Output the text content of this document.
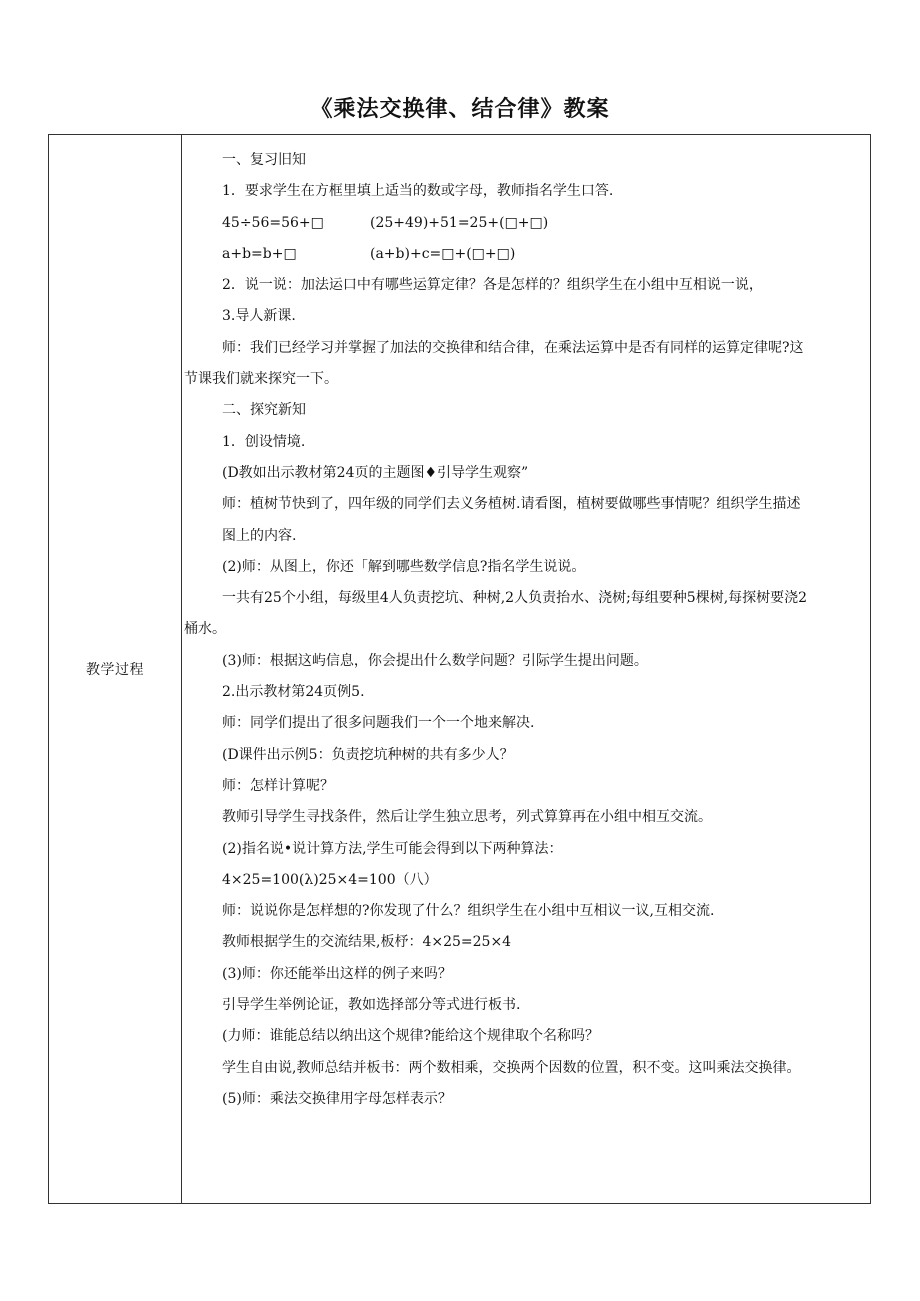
《乘法交换律、结合律》教案
教学过程
一、复习旧知
1．要求学生在方框里填上适当的数或字母，教师指名学生口答.
45÷56=56+□	(25+49)+51=25+(□+□)
a+b=b+□	(a+b)+c=□+(□+□)
2．说一说：加法运口中有哪些运算定律？各是怎样的？组织学生在小组中互相说一说，
3.导人新课.
师：我们已经学习并掌握了加法的交换律和结合律，在乘法运算中是否有同样的运算定律呢?这
节课我们就来探究一下。
二、探究新知
1．创设情境.
(D教如出示教材第24页的主题图♦引导学生观察”
师：植树节快到了，四年级的同学们去义务植树.请看图，植树要做哪些事情呢？组织学生描述
图上的内容.
(2)师：从图上，你还「解到哪些数学信息?指名学生说说。
一共有25个小组，每级里4人负责挖坑、种树,2人负责抬水、浇树;每组要种5棵树,每探树要浇2
桶水。
(3)师：根据这屿信息，你会提出什么数学问题？引际学生提出问题。
2.出示教材第24页例5.
师：同学们提出了很多问题我们一个一个地来解决.
(D课件出示例5：负责挖坑种树的共有多少人？
师：怎样计算呢？
教师引导学生寻找条件，然后让学生独立思考，列式算算再在小组中相互交流。
(2)指名说•说计算方法,学生可能会得到以下两种算法：
4×25=100(λ)25×4=100（八）
师：说说你是怎样想的?你发现了什么？组织学生在小组中互相议一议,互相交流.
教师根据学生的交流结果,板杼：4×25=25×4
(3)师：你还能举出这样的例子来吗？
引导学生举例论证，教如选择部分等式进行板书.
(力师：谁能总结以纳出这个规律?能给这个规律取个名称吗？
学生自由说,教师总结并板书：两个数相乘，交换两个因数的位置，积不变。这叫乘法交换律。
(5)师：乘法交换律用字母怎样表示？
